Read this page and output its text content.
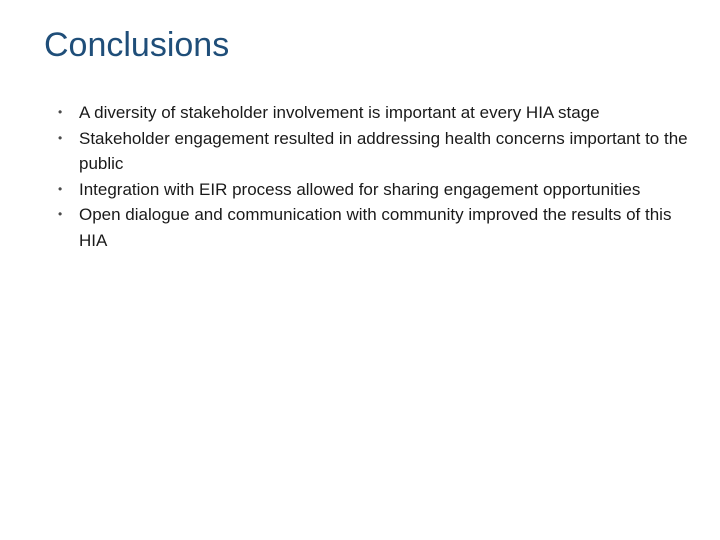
Conclusions
• A diversity of stakeholder involvement is important at every HIA stage
• Stakeholder engagement resulted in addressing health concerns important to the public
• Integration with EIR process allowed for sharing engagement opportunities
• Open dialogue and communication with community improved the results of this HIA
